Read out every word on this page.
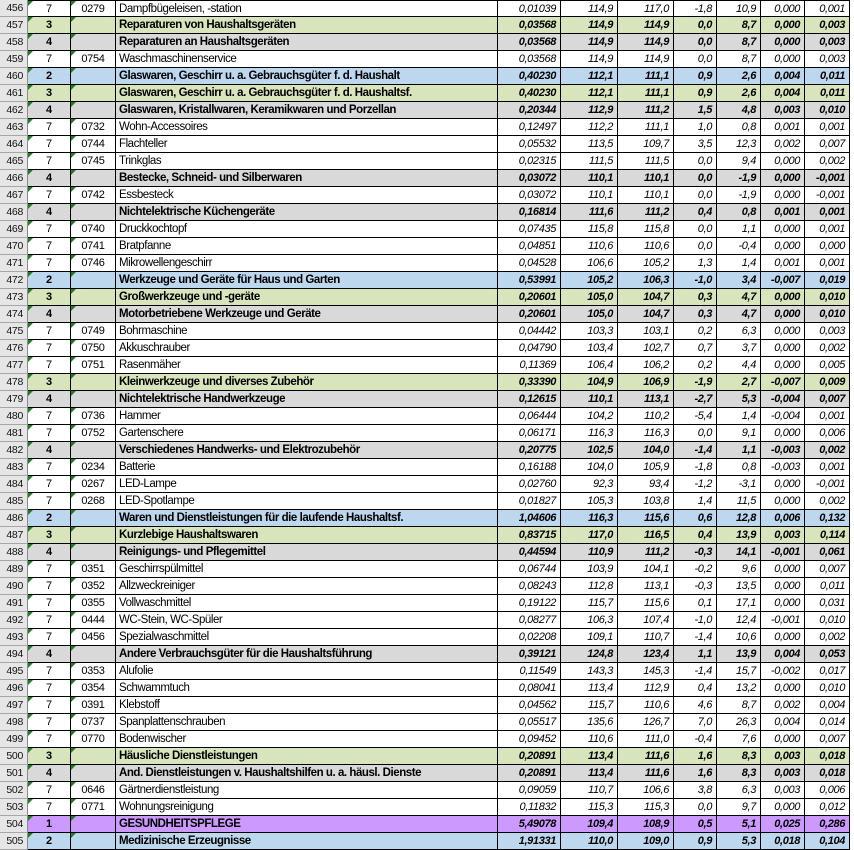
456	7	0279 Dampfbügeleisen, -station	0,01039	114,9	117,0	-1,8	10,9	0,000	0,001
457	3	Reparaturen von Haushaltsgeräten	0,03568	114,9	114,9	0,0	8,7	0,000	0,003
458	4	Reparaturen an Haushaltsgeräten	0,03568	114,9	114,9	0,0	8,7	0,000	0,003
459	7	0754 Waschmaschinenservice	0,03568	114,9	114,9	0,0	8,7	0,000	0,003
460	2	Glaswaren, Geschirr u. a. Gebrauchsgüter f. d. Haushalt	0,40230	112,1	111,1	0,9	2,6	0,004	0,011
461	3	Glaswaren, Geschirr u. a. Gebrauchsgüter f. d. Haushaltsf.	0,40230	112,1	111,1	0,9	2,6	0,004	0,011
462	4	Glaswaren, Kristallwaren, Keramikwaren und Porzellan	0,20344	112,9	111,2	1,5	4,8	0,003	0,010
463	7	0732 Wohn-Accessoires	0,12497	112,2	111,1	1,0	0,8	0,001	0,001
464	7	0744 Flachteller	0,05532	113,5	109,7	3,5	12,3	0,002	0,007
465	7	0745 Trinkglas	0,02315	111,5	111,5	0,0	9,4	0,000	0,002
466	4	Bestecke, Schneid- und Silberwaren	0,03072	110,1	110,1	0,0	-1,9	0,000	-0,001
467	7	0742 Essbesteck	0,03072	110,1	110,1	0,0	-1,9	0,000	-0,001
468	4	Nichtelektrische Küchengeräte	0,16814	111,6	111,2	0,4	0,8	0,001	0,001
469	7	0740 Druckkochtopf	0,07435	115,8	115,8	0,0	1,1	0,000	0,001
470	7	0741 Bratpfanne	0,04851	110,6	110,6	0,0	-0,4	0,000	0,000
471	7	0746 Mikrowellengeschirr	0,04528	106,6	105,2	1,3	1,4	0,001	0,001
472	2	Werkzeuge und Geräte für Haus und Garten	0,53991	105,2	106,3	-1,0	3,4	-0,007	0,019
473	3	Großwerkzeuge und -geräte	0,20601	105,0	104,7	0,3	4,7	0,000	0,010
474	4	Motorbetriebene Werkzeuge und Geräte	0,20601	105,0	104,7	0,3	4,7	0,000	0,010
475	7	0749 Bohrmaschine	0,04442	103,3	103,1	0,2	6,3	0,000	0,003
476	7	0750 Akkuschrauber	0,04790	103,4	102,7	0,7	3,7	0,000	0,002
477	7	0751 Rasenmäher	0,11369	106,4	106,2	0,2	4,4	0,000	0,005
478	3	Kleinwerkzeuge und diverses Zubehör	0,33390	104,9	106,9	-1,9	2,7	-0,007	0,009
479	4	Nichtelektrische Handwerkzeuge	0,12615	110,1	113,1	-2,7	5,3	-0,004	0,007
480	7	0736 Hammer	0,06444	104,2	110,2	-5,4	1,4	-0,004	0,001
481	7	0752 Gartenschere	0,06171	116,3	116,3	0,0	9,1	0,000	0,006
482	4	Verschiedenes Handwerks- und Elektrozubehör	0,20775	102,5	104,0	-1,4	1,1	-0,003	0,002
483	7	0234 Batterie	0,16188	104,0	105,9	-1,8	0,8	-0,003	0,001
484	7	0267 LED-Lampe	0,02760	92,3	93,4	-1,2	-3,1	0,000	-0,001
485	7	0268 LED-Spotlampe	0,01827	105,3	103,8	1,4	11,5	0,000	0,002
486	2	Waren und Dienstleistungen für die laufende Haushaltsf.	1,04606	116,3	115,6	0,6	12,8	0,006	0,132
487	3	Kurzlebige Haushaltswaren	0,83715	117,0	116,5	0,4	13,9	0,003	0,114
488	4	Reinigungs- und Pflegemittel	0,44594	110,9	111,2	-0,3	14,1	-0,001	0,061
489	7	0351 Geschirrspülmittel	0,06744	103,9	104,1	-0,2	9,6	0,000	0,007
490	7	0352 Allzweckreiniger	0,08243	112,8	113,1	-0,3	13,5	0,000	0,011
491	7	0355 Vollwaschmittel	0,19122	115,7	115,6	0,1	17,1	0,000	0,031
492	7	0444 WC-Stein, WC-Spüler	0,08277	106,3	107,4	-1,0	12,4	-0,001	0,010
493	7	0456 Spezialwaschmittel	0,02208	109,1	110,7	-1,4	10,6	0,000	0,002
494	4	Andere Verbrauchsgüter für die Haushaltsführung	0,39121	124,8	123,4	1,1	13,9	0,004	0,053
495	7	0353 Alufolie	0,11549	143,3	145,3	-1,4	15,7	-0,002	0,017
496	7	0354 Schwammtuch	0,08041	113,4	112,9	0,4	13,2	0,000	0,010
497	7	0391 Klebstoff	0,04562	115,7	110,6	4,6	8,7	0,002	0,004
498	7	0737 Spanplattenschrauben	0,05517	135,6	126,7	7,0	26,3	0,004	0,014
499	7	0770 Bodenwischer	0,09452	110,6	111,0	-0,4	7,6	0,000	0,007
500	3	Häusliche Dienstleistungen	0,20891	113,4	111,6	1,6	8,3	0,003	0,018
501	4	And. Dienstleistungen v. Haushaltshilfen u. a. häusl. Dienste	0,20891	113,4	111,6	1,6	8,3	0,003	0,018
502	7	0646 Gärtnerdienstleistung	0,09059	110,7	106,6	3,8	6,3	0,003	0,006
503	7	0771 Wohnungsreinigung	0,11832	115,3	115,3	0,0	9,7	0,000	0,012
504	1	GESUNDHEITSPFLEGE	5,49078	109,4	108,9	0,5	5,1	0,025	0,286
505	2	Medizinische Erzeugnisse	1,91331	110,0	109,0	0,9	5,3	0,018	0,104
